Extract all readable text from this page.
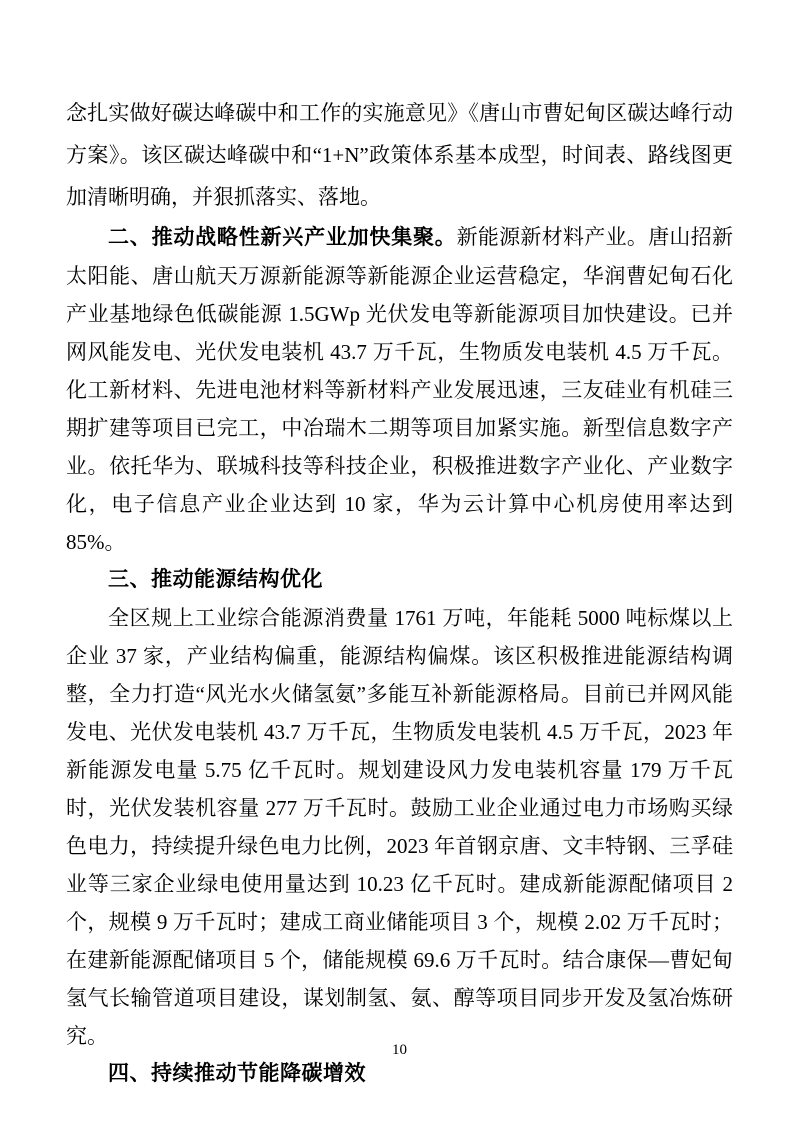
念扎实做好碳达峰碳中和工作的实施意见》《唐山市曹妃甸区碳达峰行动方案》。该区碳达峰碳中和“1+N”政策体系基本成型，时间表、路线图更加清晰明确，并狠抓落实、落地。

二、推动战略性新兴产业加快集聚。新能源新材料产业。唐山招新太阳能、唐山航天万源新能源等新能源企业运营稳定，华润曹妃甸石化产业基地绿色低碳能源 1.5GWp 光伏发电等新能源项目加快建设。已并网风能发电、光伏发电装机 43.7 万千瓦，生物质发电装机 4.5 万千瓦。化工新材料、先进电池材料等新材料产业发展迅速，三友硅业有机硅三期扩建等项目已完工，中冶瑞木二期等项目加紧实施。新型信息数字产业。依托华为、联城科技等科技企业，积极推进数字产业化、产业数字化，电子信息产业企业达到 10 家，华为云计算中心机房使用率达到 85%。

三、推动能源结构优化

全区规上工业综合能源消费量 1761 万吨，年能耗 5000 吨标煤以上企业 37 家，产业结构偏重，能源结构偏煤。该区积极推进能源结构调整，全力打造“风光水火储氢氨”多能互补新能源格局。目前已并网风能发电、光伏发电装机 43.7 万千瓦，生物质发电装机 4.5 万千瓦，2023 年新能源发电量 5.75 亿千瓦时。规划建设风力发电装机容量 179 万千瓦时，光伏发装机容量 277 万千瓦时。鼓励工业企业通过电力市场购买绿色电力，持续提升绿色电力比例，2023 年首钢京唐、文丰特钢、三孚硅业等三家企业绿电使用量达到 10.23 亿千瓦时。建成新能源配储项目 2 个，规模 9 万千瓦时；建成工商业储能项目 3 个，规模 2.02 万千瓦时；在建新能源配储项目 5 个，储能规模 69.6 万千瓦时。结合康保—曹妃甸氢气长输管道项目建设，谋划制氢、氨、醇等项目同步开发及氢冶炼研究。

四、持续推动节能降碳增效

10
